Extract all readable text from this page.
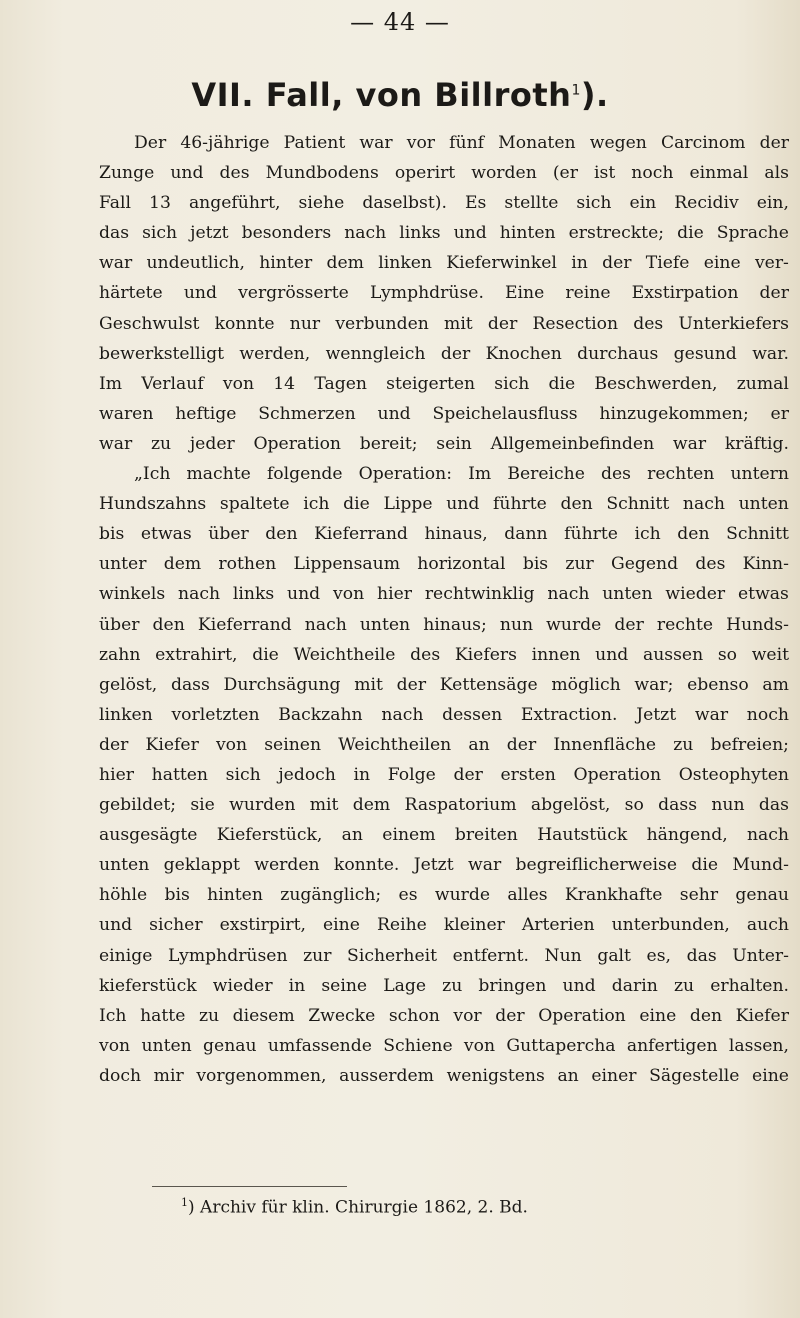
— 44 —
VII. Fall, von Billroth$^1$).
Der 46-jährige Patient war vor fünf Monaten wegen Carcinom der
Zunge und des Mundbodens operirt worden (er ist noch einmal als
Fall 13 angeführt, siehe daselbst). Es stellte sich ein Recidiv ein,
das sich jetzt besonders nach links und hinten erstreckte; die Sprache
war undeutlich, hinter dem linken Kieferwinkel in der Tiefe eine ver-
härtete und vergrösserte Lymphdrüse. Eine reine Exstirpation der
Geschwulst konnte nur verbunden mit der Resection des Unterkiefers
bewerkstelligt werden, wenngleich der Knochen durchaus gesund war.
Im Verlauf von 14 Tagen steigerten sich die Beschwerden, zumal
waren heftige Schmerzen und Speichelausfluss hinzugekommen; er
war zu jeder Operation bereit; sein Allgemeinbefinden war kräftig.
„Ich machte folgende Operation: Im Bereiche des rechten untern
Hundszahns spaltete ich die Lippe und führte den Schnitt nach unten
bis etwas über den Kieferrand hinaus, dann führte ich den Schnitt
unter dem rothen Lippensaum horizontal bis zur Gegend des Kinn-
winkels nach links und von hier rechtwinklig nach unten wieder etwas
über den Kieferrand nach unten hinaus; nun wurde der rechte Hunds-
zahn extrahirt, die Weichtheile des Kiefers innen und aussen so weit
gelöst, dass Durchsägung mit der Kettensäge möglich war; ebenso am
linken vorletzten Backzahn nach dessen Extraction. Jetzt war noch
der Kiefer von seinen Weichtheilen an der Innenfläche zu befreien;
hier hatten sich jedoch in Folge der ersten Operation Osteophyten
gebildet; sie wurden mit dem Raspatorium abgelöst, so dass nun das
ausgesägte Kieferstück, an einem breiten Hautstück hängend, nach
unten geklappt werden konnte. Jetzt war begreiflicherweise die Mund-
höhle bis hinten zugänglich; es wurde alles Krankhafte sehr genau
und sicher exstirpirt, eine Reihe kleiner Arterien unterbunden, auch
einige Lymphdrüsen zur Sicherheit entfernt. Nun galt es, das Unter-
kieferstück wieder in seine Lage zu bringen und darin zu erhalten.
Ich hatte zu diesem Zwecke schon vor der Operation eine den Kiefer
von unten genau umfassende Schiene von Guttapercha anfertigen lassen,
doch mir vorgenommen, ausserdem wenigstens an einer Sägestelle eine
$^1$) Archiv für klin. Chirurgie 1862, 2. Bd.
